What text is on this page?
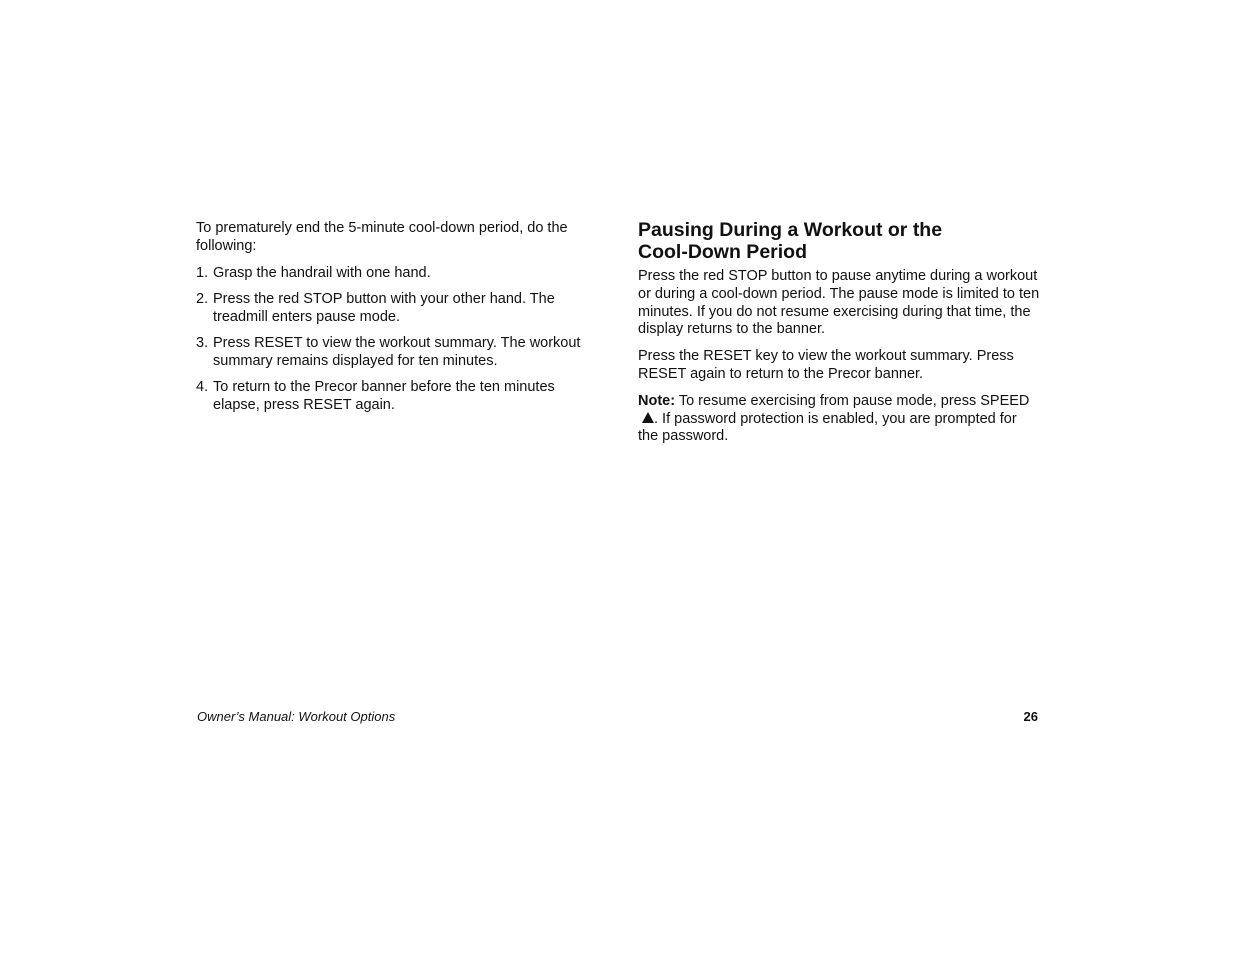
To prematurely end the 5-minute cool-down period, do the following:

1. Grasp the handrail with one hand.
2. Press the red STOP button with your other hand. The treadmill enters pause mode.
3. Press RESET to view the workout summary. The workout summary remains displayed for ten minutes.
4. To return to the Precor banner before the ten minutes elapse, press RESET again.
Pausing During a Workout or the Cool-Down Period

Press the red STOP button to pause anytime during a workout or during a cool-down period. The pause mode is limited to ten minutes. If you do not resume exercising during that time, the display returns to the banner.

Press the RESET key to view the workout summary. Press RESET again to return to the Precor banner.

Note: To resume exercising from pause mode, press SPEED. If password protection is enabled, you are prompted for the password.

Owner’s Manual: Workout Options	26
